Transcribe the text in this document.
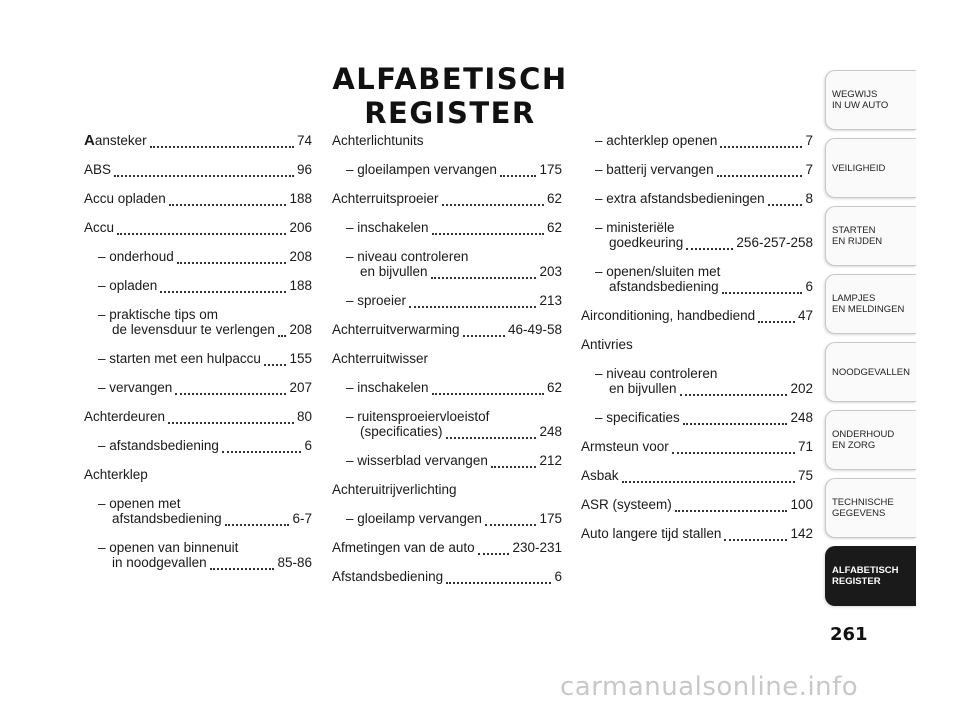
ALFABETISCH REGISTER
Aansteker	74
ABS	96
Accu opladen	188
Accu	206
– onderhoud	208
– opladen	188
– praktische tips om
de levensduur te verlengen 208
– starten met een hulpaccu 155
– vervangen	207
Achterdeuren	80
– afstandsbediening	6
Achterklep
– openen met
afstandsbediening	6-7
– openen van binnenuit
in noodgevallen	85-86
Achterlichtunits
– gloeilampen vervangen	175
Achterruitsproeier	62
– inschakelen	62
– niveau controleren
en bijvullen	203
– sproeier	213
Achterruitverwarming	46-49-58
Achterruitwisser
– inschakelen	62
– ruitensproeiervloeistof
(specificaties)	248
– wisserblad vervangen	212
Achteruitrijverlichting
– gloeilamp vervangen	175
Afmetingen van de auto	230-231
Afstandsbediening	6
– achterklep openen	7
– batterij vervangen	7
– extra afstandsbedieningen	8
– ministeriële
goedkeuring	256-257-258
– openen/sluiten met
afstandsbediening	6
Airconditioning, handbediend	47
Antivries
– niveau controleren
en bijvullen	202
– specificaties	248
Armsteun voor	71
Asbak	75
ASR (systeem)	100
Auto langere tijd stallen	142
WEGWIJS
IN UW AUTO
VEILIGHEID
STARTEN
EN RIJDEN
LAMPJES
EN MELDINGEN
NOODGEVALLEN
ONDERHOUD
EN ZORG
TECHNISCHE
GEGEVENS
ALFABETISCH
REGISTER
261
carmanualsonline.info
